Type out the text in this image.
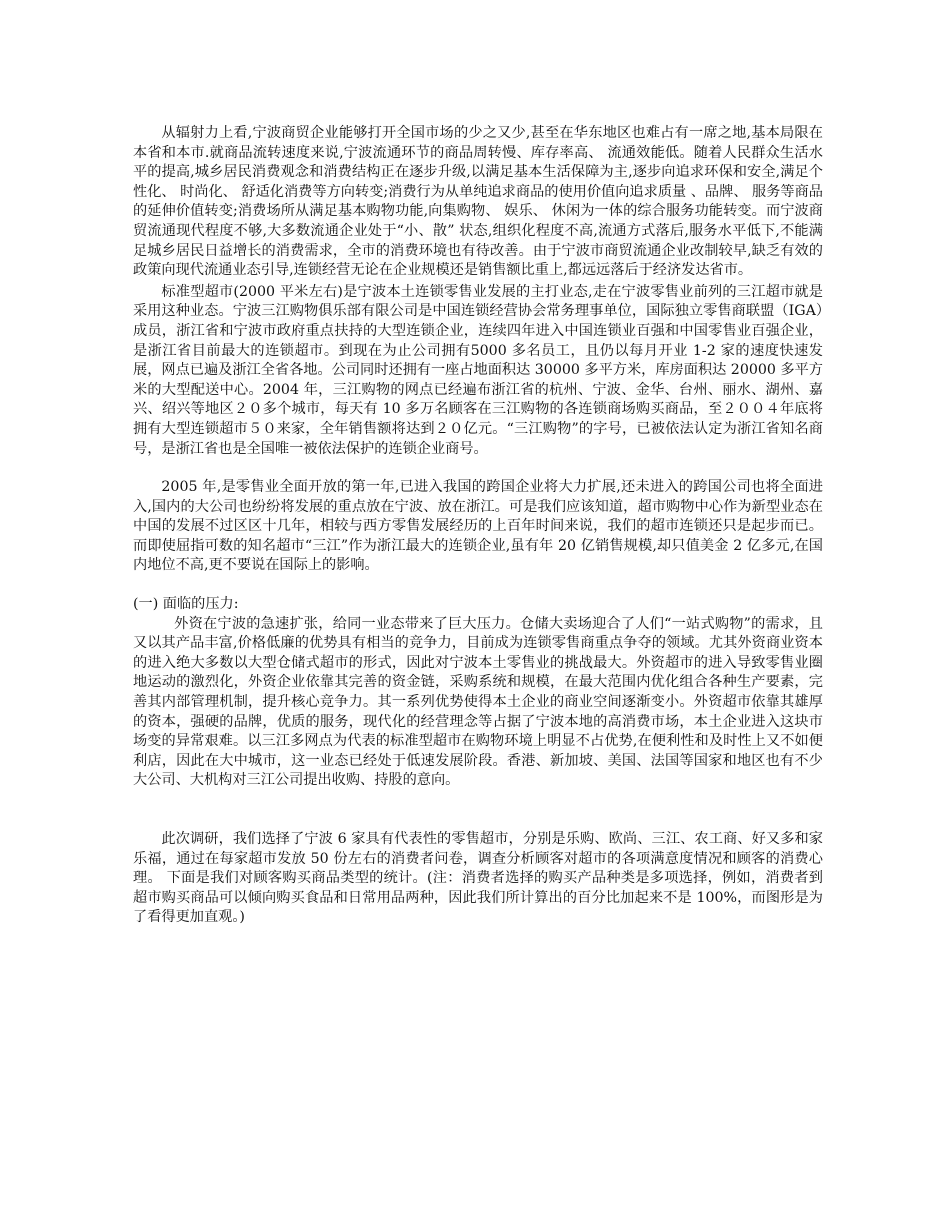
从辐射力上看,宁波商贸企业能够打开全国市场的少之又少,甚至在华东地区也难占有一席之地,基本局限在本省和本市.就商品流转速度来说,宁波流通环节的商品周转慢、库存率高、 流通效能低。随着人民群众生活水平的提高,城乡居民消费观念和消费结构正在逐步升级,以满足基本生活保障为主,逐步向追求环保和安全,满足个性化、 时尚化、 舒适化消费等方向转变;消费行为从单纯追求商品的使用价值向追求质量 、品牌、 服务等商品的延伸价值转变;消费场所从满足基本购物功能,向集购物、 娱乐、 休闲为一体的综合服务功能转变。而宁波商贸流通现代程度不够,大多数流通企业处于“小、散” 状态,组织化程度不高,流通方式落后,服务水平低下,不能满足城乡居民日益增长的消费需求，全市的消费环境也有待改善。由于宁波市商贸流通企业改制较早,缺乏有效的政策向现代流通业态引导,连锁经营无论在企业规模还是销售额比重上,都远远落后于经济发达省市。

标准型超市(2000 平米左右)是宁波本土连锁零售业发展的主打业态,走在宁波零售业前列的三江超市就是采用这种业态。宁波三江购物俱乐部有限公司是中国连锁经营协会常务理事单位，国际独立零售商联盟（IGA）成员，浙江省和宁波市政府重点扶持的大型连锁企业，连续四年进入中国连锁业百强和中国零售业百强企业，是浙江省目前最大的连锁超市。到现在为止公司拥有5000 多名员工，且仍以每月开业 1-2 家的速度快速发展，网点已遍及浙江全省各地。公司同时还拥有一座占地面积达 30000 多平方米，库房面积达 20000 多平方米的大型配送中心。2004 年，三江购物的网点已经遍布浙江省的杭州、宁波、金华、台州、丽水、湖州、嘉兴、绍兴等地区２０多个城市，每天有 10 多万名顾客在三江购物的各连锁商场购买商品，至２００４年底将拥有大型连锁超市５０来家，全年销售额将达到２０亿元。“三江购物”的字号，已被依法认定为浙江省知名商号，是浙江省也是全国唯一被依法保护的连锁企业商号。

2005 年,是零售业全面开放的第一年,已进入我国的跨国企业将大力扩展,还未进入的跨国公司也将全面进入,国内的大公司也纷纷将发展的重点放在宁波、放在浙江。可是我们应该知道，超市购物中心作为新型业态在中国的发展不过区区十几年，相较与西方零售发展经历的上百年时间来说，我们的超市连锁还只是起步而已。而即使屈指可数的知名超市“三江”作为浙江最大的连锁企业,虽有年 20 亿销售规模,却只值美金 2 亿多元,在国内地位不高,更不要说在国际上的影响。

(一) 面临的压力:

外资在宁波的急速扩张，给同一业态带来了巨大压力。仓储大卖场迎合了人们“一站式购物”的需求，且又以其产品丰富,价格低廉的优势具有相当的竞争力，目前成为连锁零售商重点争夺的领域。尤其外资商业资本的进入绝大多数以大型仓储式超市的形式，因此对宁波本土零售业的挑战最大。外资超市的进入导致零售业圈地运动的激烈化，外资企业依靠其完善的资金链，采购系统和规模，在最大范围内优化组合各种生产要素，完善其内部管理机制，提升核心竞争力。其一系列优势使得本土企业的商业空间逐渐变小。外资超市依靠其雄厚的资本，强硬的品牌，优质的服务，现代化的经营理念等占据了宁波本地的高消费市场，本土企业进入这块市场变的异常艰难。以三江多网点为代表的标准型超市在购物环境上明显不占优势,在便利性和及时性上又不如便利店，因此在大中城市，这一业态已经处于低速发展阶段。香港、新加坡、美国、法国等国家和地区也有不少大公司、大机构对三江公司提出收购、持股的意向。

此次调研，我们选择了宁波 6 家具有代表性的零售超市，分别是乐购、欧尚、三江、农工商、好又多和家乐福，通过在每家超市发放 50 份左右的消费者问卷，调查分析顾客对超市的各项满意度情况和顾客的消费心理。 下面是我们对顾客购买商品类型的统计。(注：消费者选择的购买产品种类是多项选择，例如，消费者到超市购买商品可以倾向购买食品和日常用品两种，因此我们所计算出的百分比加起来不是 100%，而图形是为了看得更加直观。)
